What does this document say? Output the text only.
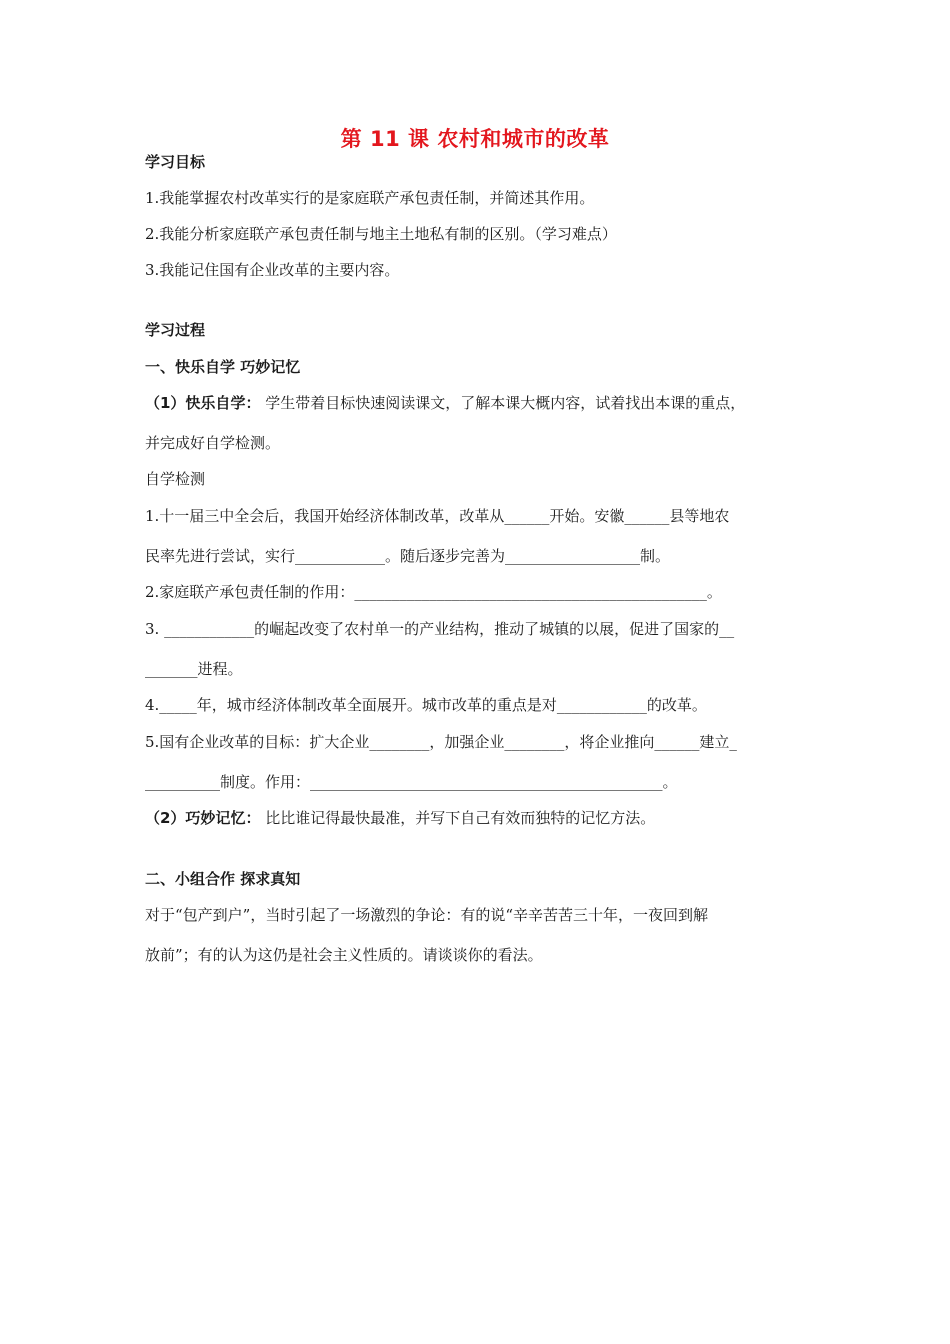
第 11 课 农村和城市的改革
学习目标
1.我能掌握农村改革实行的是家庭联产承包责任制，并简述其作用。
2.我能分析家庭联产承包责任制与地主土地私有制的区别。（学习难点）
3.我能记住国有企业改革的主要内容。
学习过程
一、快乐自学 巧妙记忆
（1）快乐自学： 学生带着目标快速阅读课文，了解本课大概内容，试着找出本课的重点，
并完成好自学检测。
自学检测
1.十一届三中全会后，我国开始经济体制改革，改革从______开始。安徽______县等地农
民率先进行尝试，实行____________。随后逐步完善为__________________制。
2.家庭联产承包责任制的作用：_______________________________________________。
3. ____________的崛起改变了农村单一的产业结构，推动了城镇的以展，促进了国家的__
_______进程。
4._____年，城市经济体制改革全面展开。城市改革的重点是对____________的改革。
5.国有企业改革的目标：扩大企业________，加强企业________，将企业推向______建立_
__________制度。作用：_______________________________________________。
（2）巧妙记忆： 比比谁记得最快最准，并写下自己有效而独特的记忆方法。
二、小组合作 探求真知
对于“包产到户”，当时引起了一场激烈的争论：有的说“辛辛苦苦三十年，一夜回到解
放前”；有的认为这仍是社会主义性质的。请谈谈你的看法。
